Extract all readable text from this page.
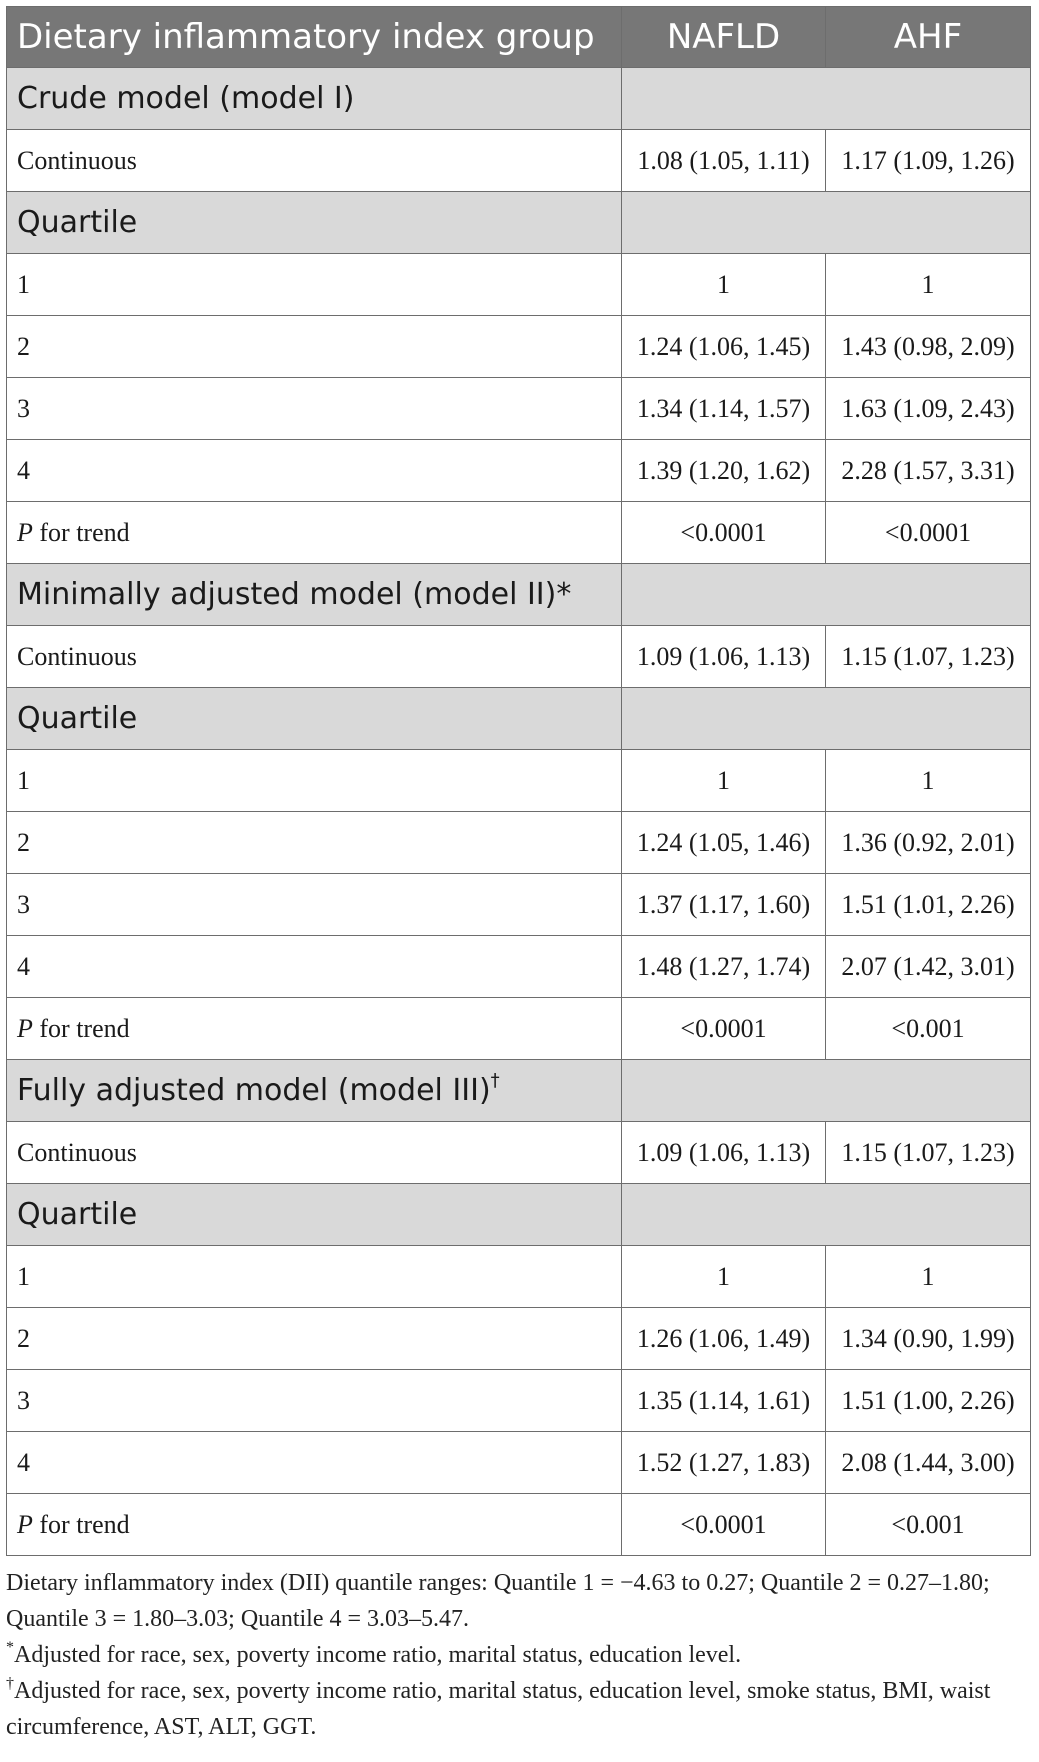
Dietary inflammatory index group	NAFLD	AHF
Crude model (model I)		
Continuous	1.08 (1.05, 1.11)	1.17 (1.09, 1.26)
Quartile		
1	1	1
2	1.24 (1.06, 1.45)	1.43 (0.98, 2.09)
3	1.34 (1.14, 1.57)	1.63 (1.09, 2.43)
4	1.39 (1.20, 1.62)	2.28 (1.57, 3.31)
P for trend	<0.0001	<0.0001
Minimally adjusted model (model II)*		
Continuous	1.09 (1.06, 1.13)	1.15 (1.07, 1.23)
Quartile		
1	1	1
2	1.24 (1.05, 1.46)	1.36 (0.92, 2.01)
3	1.37 (1.17, 1.60)	1.51 (1.01, 2.26)
4	1.48 (1.27, 1.74)	2.07 (1.42, 3.01)
P for trend	<0.0001	<0.001
Fully adjusted model (model III)†	
Continuous	1.09 (1.06, 1.13)	1.15 (1.07, 1.23)
Quartile		
1	1	1
2	1.26 (1.06, 1.49)	1.34 (0.90, 1.99)
3	1.35 (1.14, 1.61)	1.51 (1.00, 2.26)
4	1.52 (1.27, 1.83)	2.08 (1.44, 3.00)
P for trend	<0.0001	<0.001

Dietary inflammatory index (DII) quantile ranges: Quantile 1 = −4.63 to 0.27; Quantile 2 = 0.27–1.80; Quantile 3 = 1.80–3.03; Quantile 4 = 3.03–5.47.

*Adjusted for race, sex, poverty income ratio, marital status, education level.

†Adjusted for race, sex, poverty income ratio, marital status, education level, smoke status, BMI, waist circumference, AST, ALT, GGT.
